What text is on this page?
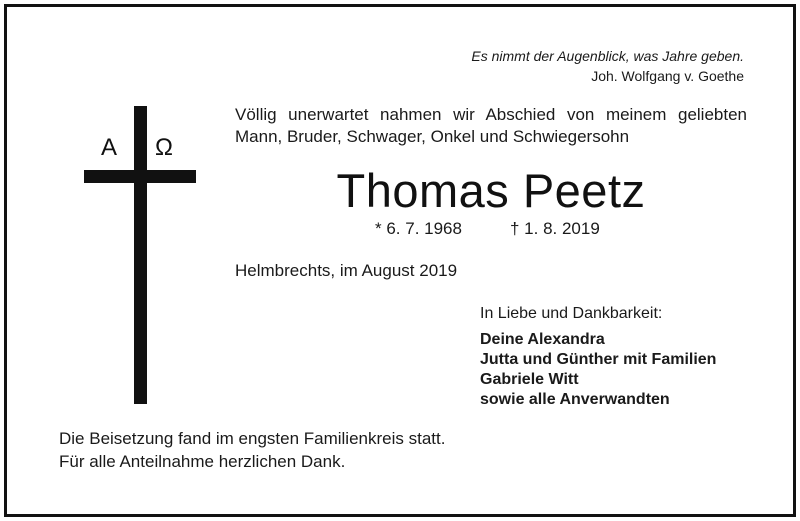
Es nimmt der Augenblick, was Jahre geben.
Joh. Wolfgang v. Goethe
A Ω
Völlig unerwartet nahmen wir Abschied von meinem geliebten Mann, Bruder, Schwager, Onkel und Schwiegersohn
Thomas Peetz
* 6. 7. 1968	† 1. 8. 2019
Helmbrechts, im August 2019
In Liebe und Dankbarkeit:
Deine Alexandra
Jutta und Günther mit Familien
Gabriele Witt
sowie alle Anverwandten
Die Beisetzung fand im engsten Familienkreis statt.
Für alle Anteilnahme herzlichen Dank.
